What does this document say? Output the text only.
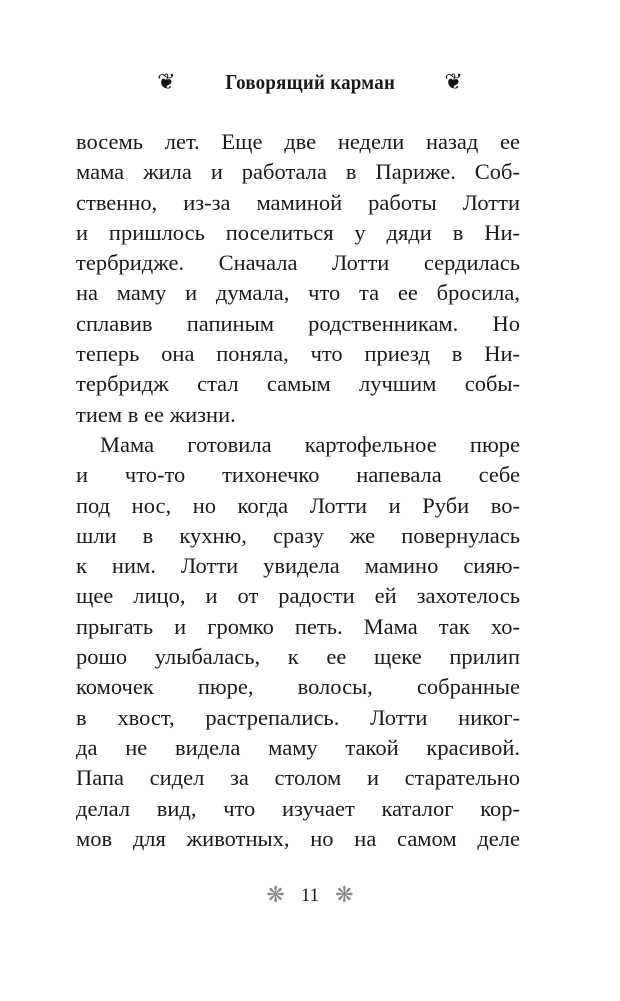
❦ Говорящий карман ❦
восемь лет. Еще две недели назад ее
мама жила и работала в Париже. Соб-
ственно, из-за маминой работы Лотти
и пришлось поселиться у дяди в Ни-
тербридже. Сначала Лотти сердилась
на маму и думала, что та ее бросила,
сплавив папиным родственникам. Но
теперь она поняла, что приезд в Ни-
тербридж стал самым лучшим собы-
тием в ее жизни.
Мама готовила картофельное пюре
и что-то тихонечко напевала себе
под нос, но когда Лотти и Руби во-
шли в кухню, сразу же повернулась
к ним. Лотти увидела мамино сияю-
щее лицо, и от радости ей захотелось
прыгать и громко петь. Мама так хо-
рошо улыбалась, к ее щеке прилип
комочек пюре, волосы, собранные
в хвост, растрепались. Лотти никог-
да не видела маму такой красивой.
Папа сидел за столом и старательно
делал вид, что изучает каталог кор-
мов для животных, но на самом деле
❋ 11 ❋
